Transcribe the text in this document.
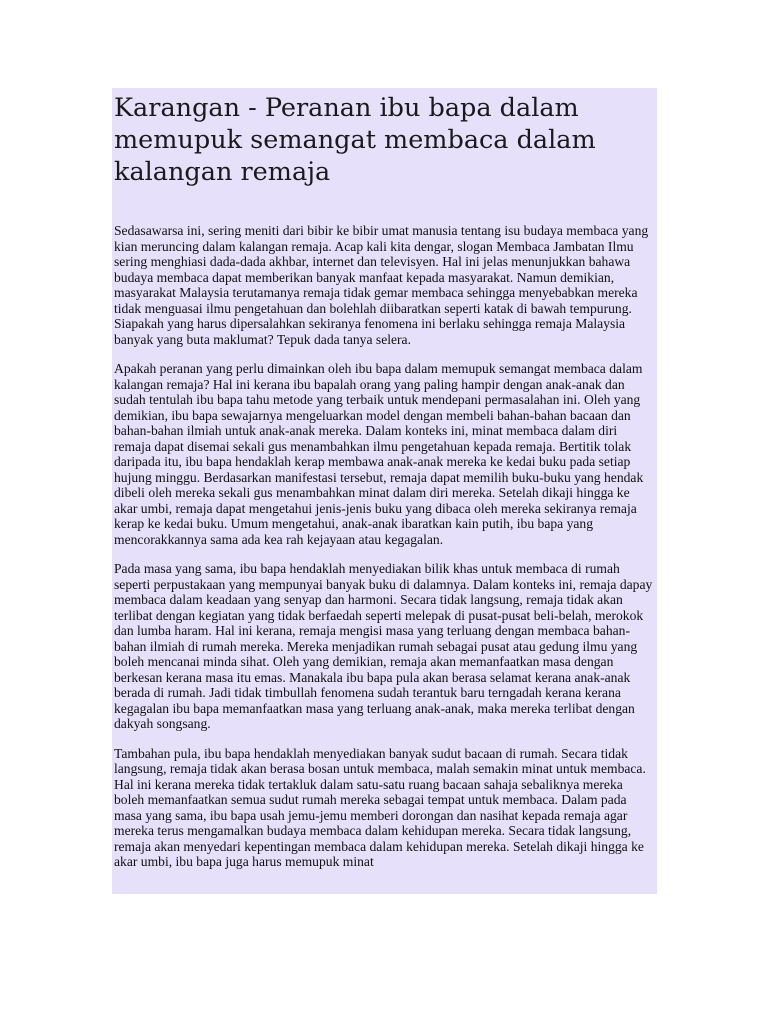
Karangan - Peranan ibu bapa dalam memupuk semangat membaca dalam kalangan remaja

Sedasawarsa ini, sering meniti dari bibir ke bibir umat manusia tentang isu budaya membaca yang kian meruncing dalam kalangan remaja. Acap kali kita dengar, slogan Membaca Jambatan Ilmu sering menghiasi dada-dada akhbar, internet dan televisyen. Hal ini jelas menunjukkan bahawa budaya membaca dapat memberikan banyak manfaat kepada masyarakat. Namun demikian, masyarakat Malaysia terutamanya remaja tidak gemar membaca sehingga menyebabkan mereka tidak menguasai ilmu pengetahuan dan bolehlah diibaratkan seperti katak di bawah tempurung. Siapakah yang harus dipersalahkan sekiranya fenomena ini berlaku sehingga remaja Malaysia banyak yang buta maklumat? Tepuk dada tanya selera.

Apakah peranan yang perlu dimainkan oleh ibu bapa dalam memupuk semangat membaca dalam kalangan remaja? Hal ini kerana ibu bapalah orang yang paling hampir dengan anak-anak dan sudah tentulah ibu bapa tahu metode yang terbaik untuk mendepani permasalahan ini. Oleh yang demikian, ibu bapa sewajarnya mengeluarkan model dengan membeli bahan-bahan bacaan dan bahan-bahan ilmiah untuk anak-anak mereka. Dalam konteks ini, minat membaca dalam diri remaja dapat disemai sekali gus menambahkan ilmu pengetahuan kepada remaja. Bertitik tolak daripada itu, ibu bapa hendaklah kerap membawa anak-anak mereka ke kedai buku pada setiap hujung minggu. Berdasarkan manifestasi tersebut, remaja dapat memilih buku-buku yang hendak dibeli oleh mereka sekali gus menambahkan minat dalam diri mereka. Setelah dikaji hingga ke akar umbi, remaja dapat mengetahui jenis-jenis buku yang dibaca oleh mereka sekiranya remaja kerap ke kedai buku. Umum mengetahui, anak-anak ibaratkan kain putih, ibu bapa yang mencorakkannya sama ada kea rah kejayaan atau kegagalan.

Pada masa yang sama, ibu bapa hendaklah menyediakan bilik khas untuk membaca di rumah seperti perpustakaan yang mempunyai banyak buku di dalamnya. Dalam konteks ini, remaja dapay membaca dalam keadaan yang senyap dan harmoni. Secara tidak langsung, remaja tidak akan terlibat dengan kegiatan yang tidak berfaedah seperti melepak di pusat-pusat beli-belah, merokok dan lumba haram. Hal ini kerana, remaja mengisi masa yang terluang dengan membaca bahan-bahan ilmiah di rumah mereka. Mereka menjadikan rumah sebagai pusat atau gedung ilmu yang boleh mencanai minda sihat. Oleh yang demikian, remaja akan memanfaatkan masa dengan berkesan kerana masa itu emas. Manakala ibu bapa pula akan berasa selamat kerana anak-anak berada di rumah. Jadi tidak timbullah fenomena sudah terantuk baru terngadah kerana kerana kegagalan ibu bapa memanfaatkan masa yang terluang anak-anak, maka mereka terlibat dengan dakyah songsang.

Tambahan pula, ibu bapa hendaklah menyediakan banyak sudut bacaan di rumah. Secara tidak langsung, remaja tidak akan berasa bosan untuk membaca, malah semakin minat untuk membaca. Hal ini kerana mereka tidak tertakluk dalam satu-satu ruang bacaan sahaja sebaliknya mereka boleh memanfaatkan semua sudut rumah mereka sebagai tempat untuk membaca. Dalam pada masa yang sama, ibu bapa usah jemu-jemu memberi dorongan dan nasihat kepada remaja agar mereka terus mengamalkan budaya membaca dalam kehidupan mereka. Secara tidak langsung, remaja akan menyedari kepentingan membaca dalam kehidupan mereka. Setelah dikaji hingga ke akar umbi, ibu bapa juga harus memupuk minat
